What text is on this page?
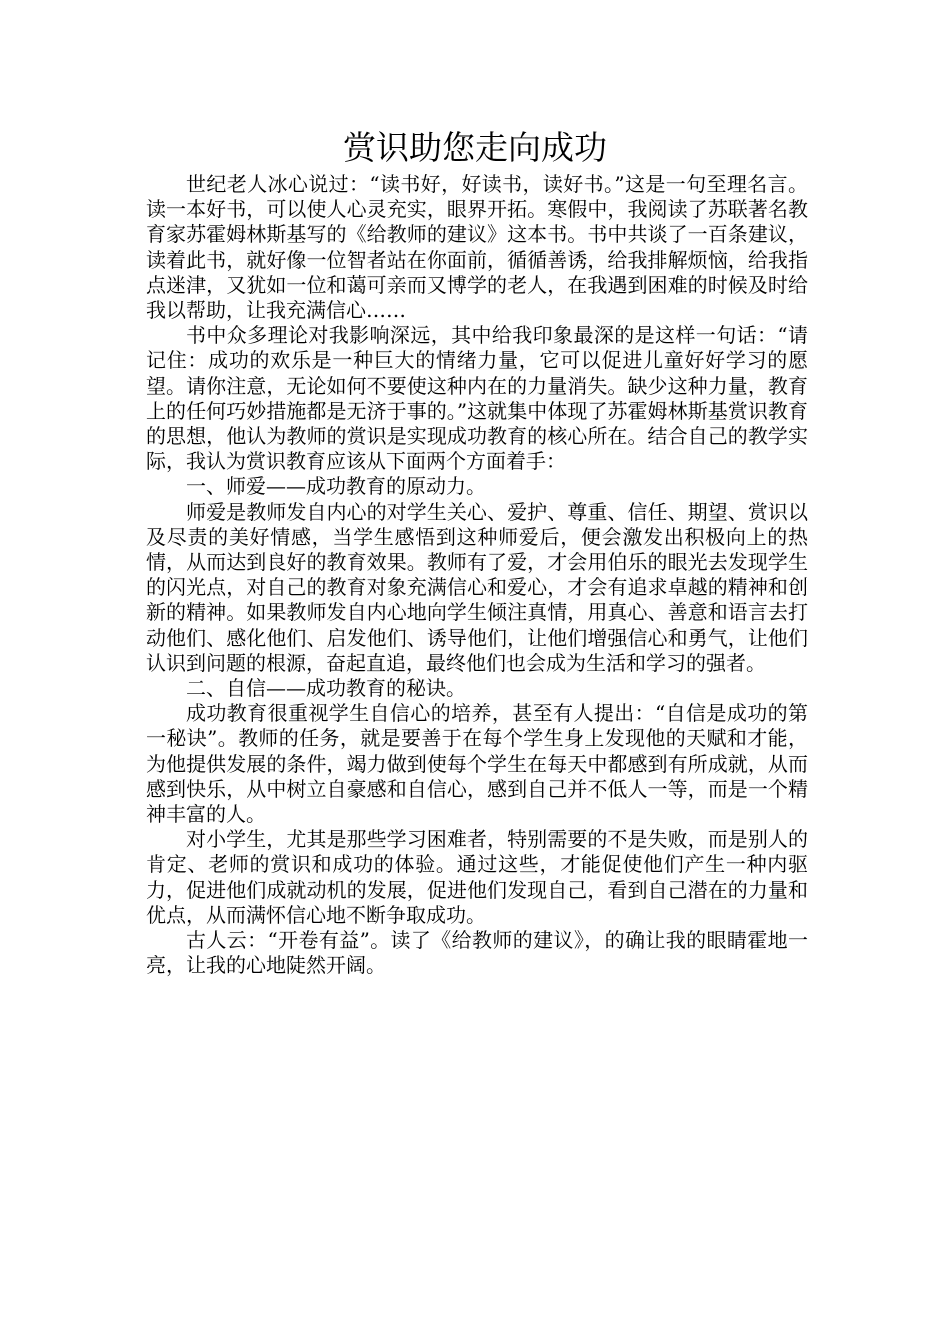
赏识助您走向成功

世纪老人冰心说过：“读书好，好读书，读好书。”这是一句至理名言。读一本好书，可以使人心灵充实，眼界开拓。寒假中，我阅读了苏联著名教育家苏霍姆林斯基写的《给教师的建议》这本书。书中共谈了一百条建议，读着此书，就好像一位智者站在你面前，循循善诱，给我排解烦恼，给我指点迷津，又犹如一位和蔼可亲而又博学的老人，在我遇到困难的时候及时给我以帮助，让我充满信心……

书中众多理论对我影响深远，其中给我印象最深的是这样一句话：“请记住：成功的欢乐是一种巨大的情绪力量，它可以促进儿童好好学习的愿望。请你注意，无论如何不要使这种内在的力量消失。缺少这种力量，教育上的任何巧妙措施都是无济于事的。”这就集中体现了苏霍姆林斯基赏识教育的思想，他认为教师的赏识是实现成功教育的核心所在。结合自己的教学实际，我认为赏识教育应该从下面两个方面着手：

一、师爱——成功教育的原动力。

师爱是教师发自内心的对学生关心、爱护、尊重、信任、期望、赏识以及尽责的美好情感，当学生感悟到这种师爱后，便会激发出积极向上的热情，从而达到良好的教育效果。教师有了爱，才会用伯乐的眼光去发现学生的闪光点，对自己的教育对象充满信心和爱心，才会有追求卓越的精神和创新的精神。如果教师发自内心地向学生倾注真情，用真心、善意和语言去打动他们、感化他们、启发他们、诱导他们，让他们增强信心和勇气，让他们认识到问题的根源，奋起直追，最终他们也会成为生活和学习的强者。

二、自信——成功教育的秘诀。

成功教育很重视学生自信心的培养，甚至有人提出：“自信是成功的第一秘诀”。教师的任务，就是要善于在每个学生身上发现他的天赋和才能，为他提供发展的条件，竭力做到使每个学生在每天中都感到有所成就，从而感到快乐，从中树立自豪感和自信心，感到自己并不低人一等，而是一个精神丰富的人。

对小学生，尤其是那些学习困难者，特别需要的不是失败，而是别人的肯定、老师的赏识和成功的体验。通过这些，才能促使他们产生一种内驱力，促进他们成就动机的发展，促进他们发现自己，看到自己潜在的力量和优点，从而满怀信心地不断争取成功。

古人云：“开卷有益”。读了《给教师的建议》，的确让我的眼睛霍地一亮，让我的心地陡然开阔。
